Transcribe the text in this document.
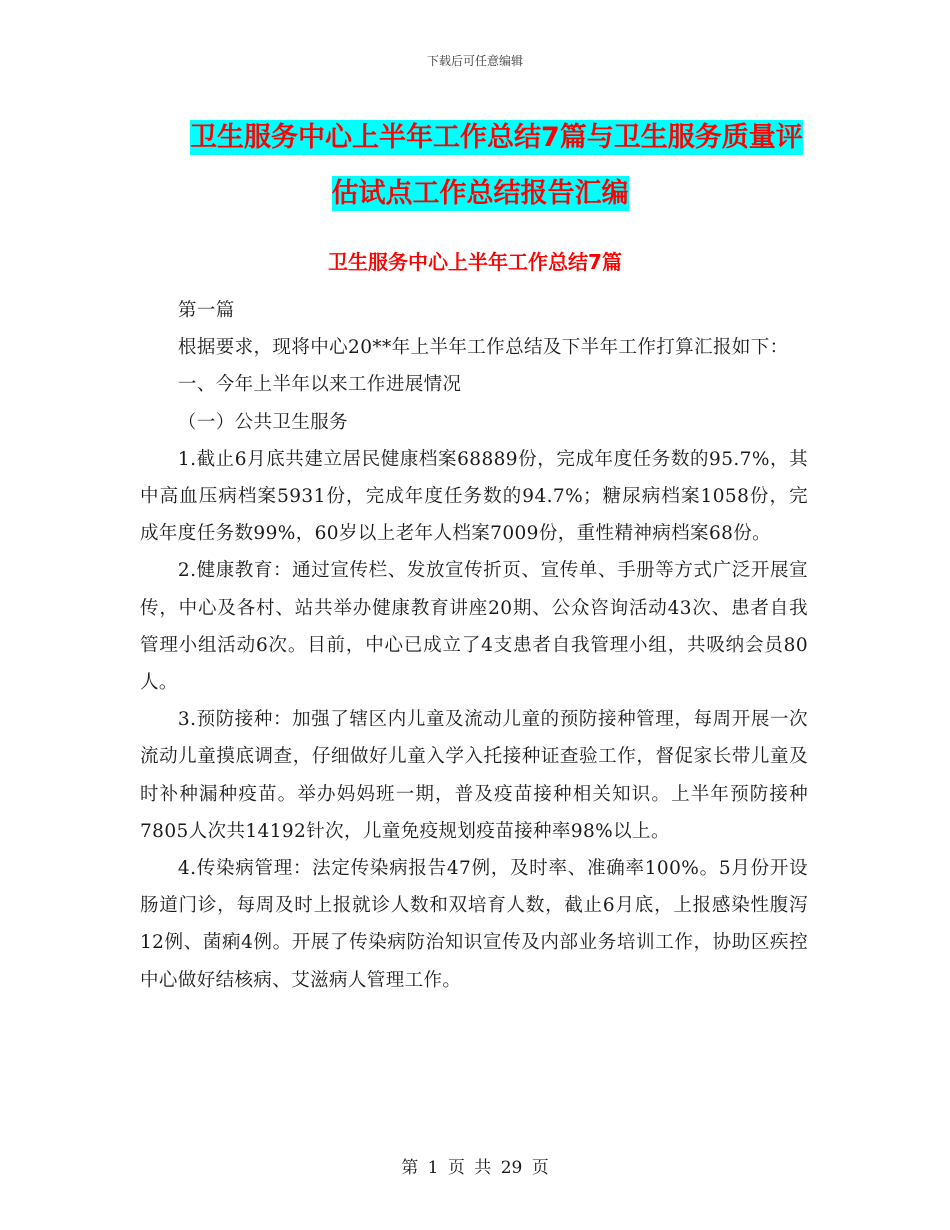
下载后可任意编辑
卫生服务中心上半年工作总结7篇与卫生服务质量评
估试点工作总结报告汇编
卫生服务中心上半年工作总结7篇

第一篇

根据要求，现将中心20**年上半年工作总结及下半年工作打算汇报如下：

一、今年上半年以来工作进展情况

（一）公共卫生服务

1.截止6月底共建立居民健康档案68889份，完成年度任务数的95.7%，其中高血压病档案5931份，完成年度任务数的94.7%；糖尿病档案1058份，完成年度任务数99%，60岁以上老年人档案7009份，重性精神病档案68份。

2.健康教育：通过宣传栏、发放宣传折页、宣传单、手册等方式广泛开展宣传，中心及各村、站共举办健康教育讲座20期、公众咨询活动43次、患者自我管理小组活动6次。目前，中心已成立了4支患者自我管理小组，共吸纳会员80人。

3.预防接种：加强了辖区内儿童及流动儿童的预防接种管理，每周开展一次流动儿童摸底调查，仔细做好儿童入学入托接种证查验工作，督促家长带儿童及时补种漏种疫苗。举办妈妈班一期，普及疫苗接种相关知识。上半年预防接种7805人次共14192针次，儿童免疫规划疫苗接种率98%以上。

4.传染病管理：法定传染病报告47例，及时率、准确率100%。5月份开设肠道门诊，每周及时上报就诊人数和双培育人数，截止6月底，上报感染性腹泻12例、菌痢4例。开展了传染病防治知识宣传及内部业务培训工作，协助区疾控中心做好结核病、艾滋病人管理工作。

第 1 页 共 29 页
